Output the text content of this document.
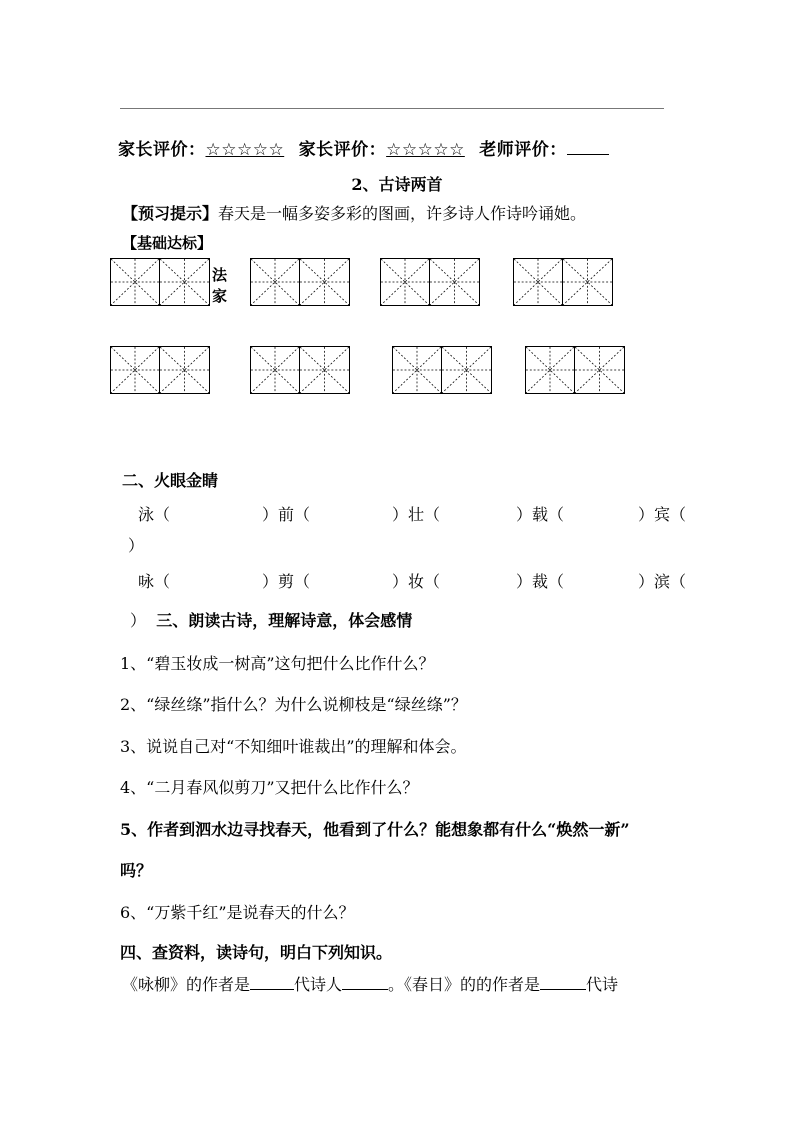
家长评价：☆☆☆☆☆ 家长评价：☆☆☆☆☆ 老师评价：
2、古诗两首
【预习提示】春天是一幅多姿多彩的图画，许多诗人作诗吟诵她。
【基础达标】
法家
二、火眼金睛
泳（	）前（	）壮（	）载（	）宾（
）
咏（	）剪（	）妆（	）裁（	）滨（
） 三、朗读古诗，理解诗意，体会感情
1、“碧玉妆成一树高”这句把什么比作什么？
2、“绿丝绦”指什么？为什么说柳枝是“绿丝绦”？
3、说说自己对“不知细叶谁裁出”的理解和体会。
4、“二月春风似剪刀”又把什么比作什么？
5、作者到泗水边寻找春天，他看到了什么？能想象都有什么“焕然一新”
吗？
6、“万紫千红”是说春天的什么？
四、查资料，读诗句，明白下列知识。
《咏柳》的作者是	代诗人	。《春日》的的作者是	代诗
